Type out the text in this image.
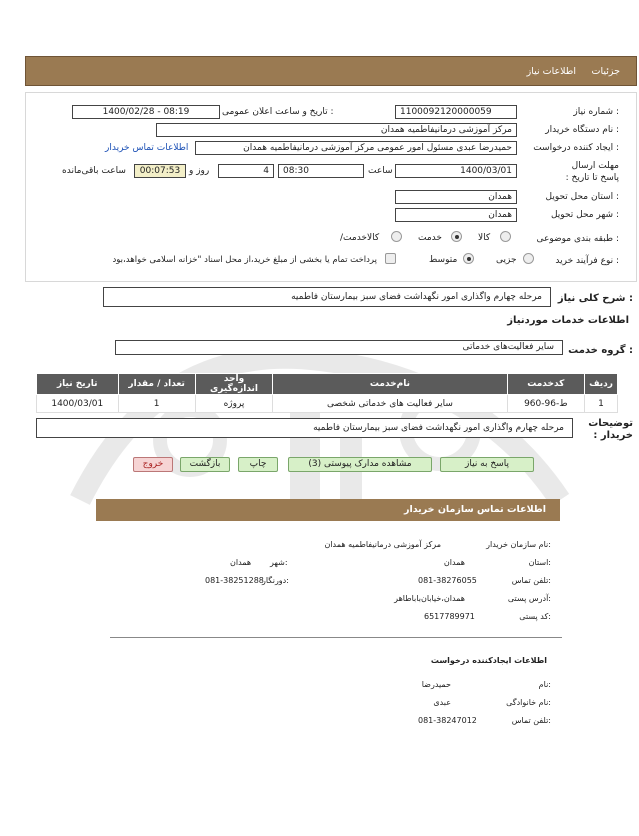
جزئیات
اطلاعات نیاز
شماره نیاز :
1100092120000059
تاریخ و ساعت اعلان عمومی :
1400/02/28 - 08:19
نام دستگاه خریدار :
مرکز آموزشی درمانیفاطمیه همدان
ایجاد کننده درخواست :
حمیدرضا عبدی مسئول امور عمومی مرکز آموزشی درمانیفاطمیه همدان
اطلاعات تماس خریدار
مهلت ارسال پاسخ تا تاریخ :
1400/03/01
ساعت
08:30
روز و	4
00:07:53
ساعت باقی‌مانده
استان محل تحویل :
همدان
شهر محل تحویل :
همدان
طبقه بندی موضوعی :
کالا
خدمت
/کالاخدمت
نوع فرآیند خرید :
جزیی
متوسط
پرداخت تمام یا بخشی از مبلغ خرید،از محل اسناد "خزانه اسلامی خواهد،بود
شرح کلی نیاز :
مرحله چهارم واگذاری امور نگهداشت فضای سبز بیمارستان فاطمیه
اطلاعات خدمات موردنیاز
گروه خدمت :
سایر فعالیت‌های خدماتی
تاریخ نیاز	تعداد / مقدار	واحد اندازه‌گیری	نام‌خدمت	کدخدمت	ردیف
1400/03/01	1	پروژه	سایر فعالیت های خدماتی شخصی	ط-96-960	1
توضیحات خریدار :
مرحله چهارم واگذاری امور نگهداشت فضای سبز بیمارستان فاطمیه
پاسخ به نیاز
مشاهده مدارک پیوستی (3)
چاپ
بازگشت
خروج
اطلاعات تماس سازمان خریدار
نام سازمان خریدار:
مرکز آموزشی درمانیفاطمیه همدان
استان:
همدان
شهر:
همدان
تلفن تماس:
081-38276055
دورنگار:
081-38251288
آدرس پستی:
همدان،خیابان‌باباطاهر
کد پستی:
6517789971
اطلاعات ایجادکننده درخواست
نام:
حمیدرضا
نام خانوادگی:
عبدی
تلفن تماس:
081-38247012
